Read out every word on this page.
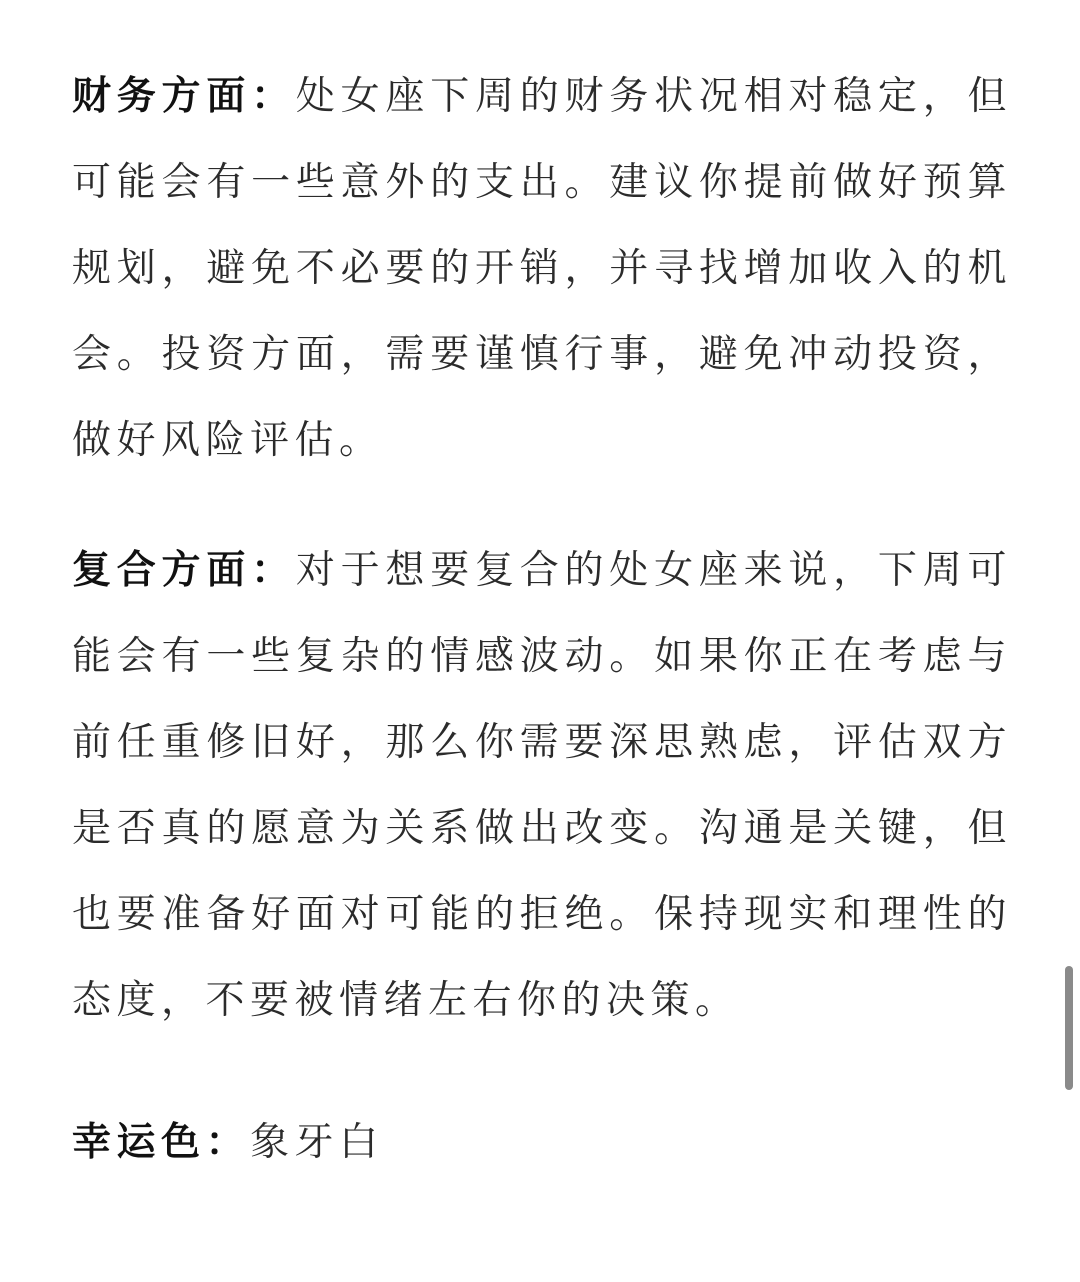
财务方面：处女座下周的财务状况相对稳定，但可能会有一些意外的支出。建议你提前做好预算规划，避免不必要的开销，并寻找增加收入的机会。投资方面，需要谨慎行事，避免冲动投资，做好风险评估。

复合方面：对于想要复合的处女座来说，下周可能会有一些复杂的情感波动。如果你正在考虑与前任重修旧好，那么你需要深思熟虑，评估双方是否真的愿意为关系做出改变。沟通是关键，但也要准备好面对可能的拒绝。保持现实和理性的态度，不要被情绪左右你的决策。

幸运色：象牙白
